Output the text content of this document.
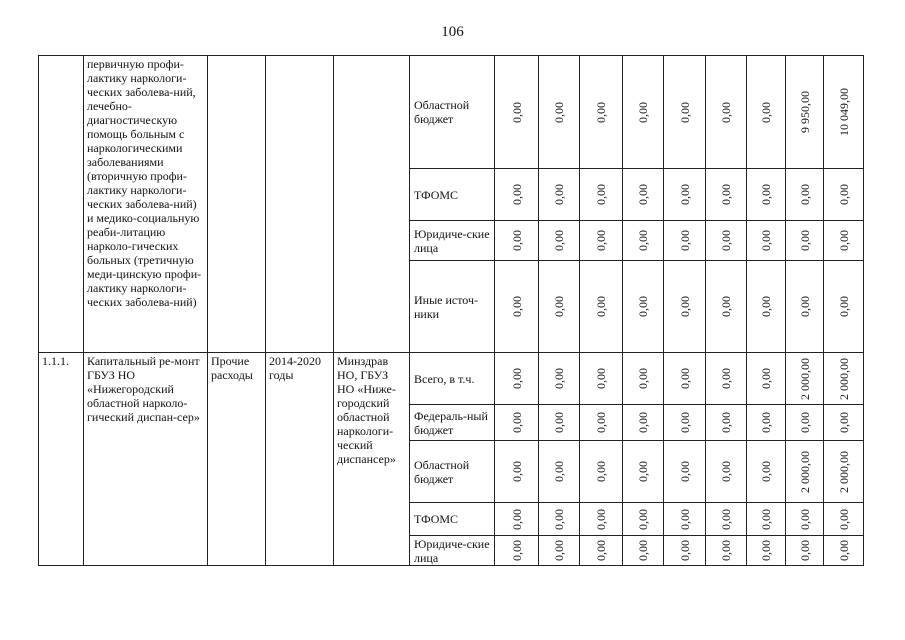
106
	первичную профи-лактику наркологи-ческих заболева-ний, лечебно-диагностическую помощь больным с наркологическими заболеваниями (вторичную профи-лактику наркологи-ческих заболева-ний) и медико-социальную реаби-литацию нарколо-гических больных (третичную меди-цинскую профи-лактику наркологи-ческих заболева-ний)				Областной бюджет	0,00	0,00	0,00	0,00	0,00	0,00	0,00	9 950,00	10 049,00

					ТФОМС	0,00	0,00	0,00	0,00	0,00	0,00	0,00	0,00	0,00

					Юридиче-ские лица	0,00	0,00	0,00	0,00	0,00	0,00	0,00	0,00	0,00

					Иные источ-ники	0,00	0,00	0,00	0,00	0,00	0,00	0,00	0,00	0,00

1.1.1.	Капитальный ре-монт ГБУЗ НО «Нижегородский областной нарколо-гический диспан-сер»	Прочие расходы	2014-2020 годы	Минздрав НО, ГБУЗ НО «Ниже-городский областной наркологи-ческий диспансер»	Всего, в т.ч.	0,00	0,00	0,00	0,00	0,00	0,00	0,00	2 000,00	2 000,00

					Федераль-ный бюджет	0,00	0,00	0,00	0,00	0,00	0,00	0,00	0,00	0,00

					Областной бюджет	0,00	0,00	0,00	0,00	0,00	0,00	0,00	2 000,00	2 000,00

					ТФОМС	0,00	0,00	0,00	0,00	0,00	0,00	0,00	0,00	0,00

					Юридиче-ские лица	0,00	0,00	0,00	0,00	0,00	0,00	0,00	0,00	0,00
